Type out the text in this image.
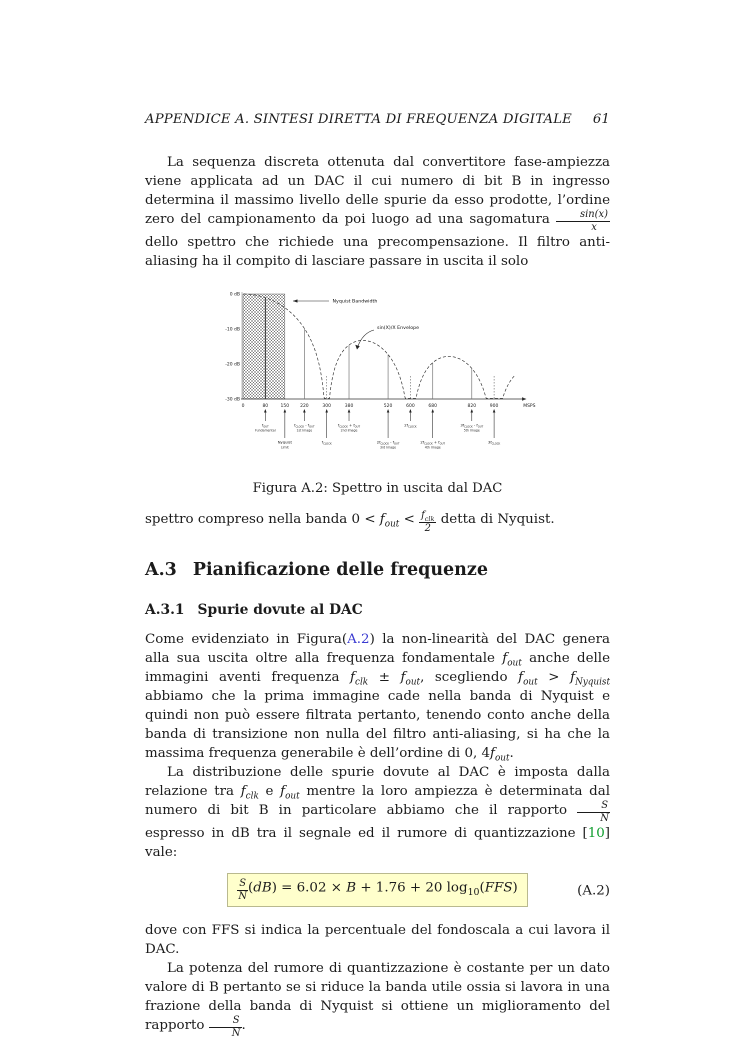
APPENDICE A. SINTESI DIRETTA DI FREQUENZA DIGITALE 61

La sequenza discreta ottenuta dal convertitore fase-ampiezza viene applicata ad un DAC il cui numero di bit B in ingresso determina il massimo livello delle spurie da esso prodotte, l’ordine zero del campionamento da poi luogo ad una sagomatura $\frac{\sin(x)}{x}$
dello spettro che richiede una precompensazione. Il filtro anti-aliasing ha il compito di lasciare passare in uscita il solo

0 dB
-10 dB
-20 dB
-30 dB
0 80 150 220 300 380	520 600 680	820 900	MSPS
Nyquist Bandwidth
sin(X)/X Envelope
$f_{OUT}$
Fundamental
Nyquist
Limit
$f_{CLOCK} - f_{OUT}$
1st Image
$f_{CLOCK}$
$f_{CLOCK} + f_{OUT}$
2nd Image
$2f_{CLOCK} - f_{OUT}$
3rd Image
$2f_{CLOCK}$
$2f_{CLOCK} + f_{OUT}$
4th Image
$3f_{CLOCK} - f_{OUT}$
5th Image
$3f_{CLOCK}$
Figura A.2: Spettro in uscita dal DAC

spettro compreso nella banda $0 < f_{out} < \frac{f_{clk}}{2}$ detta di Nyquist.

A.3 Pianificazione delle frequenze
A.3.1 Spurie dovute al DAC

Come evidenziato in Figura(A.2) la non-linearità del DAC genera alla sua uscita oltre alla frequenza fondamentale $f_{out}$ anche delle immagini aventi frequenza $f_{clk} \pm f_{out}$, scegliendo $f_{out} > f_{Nyquist}$ abbiamo che la prima immagine cade nella banda di Nyquist e quindi non può essere filtrata pertanto, tenendo conto anche della banda di transizione non nulla del filtro anti-aliasing, si ha che la massima frequenza generabile è dell’ordine di 0, $4f_{out}$.

La distribuzione delle spurie dovute al DAC è imposta dalla relazione tra $f_{clk}$ e $f_{out}$ mentre la loro ampiezza è determinata dal numero di bit B in particolare abbiamo che il rapporto $\frac{S}{N}$
espresso in dB tra il segnale ed il rumore di quantizzazione [10] vale:

$\frac{S}{N} (dB) = 6.02 \times B + 1.76 + 20$ $\log_{10}(FFS)$	(A.2)

dove con FFS si indica la percentuale del fondoscala a cui lavora il DAC.

La potenza del rumore di quantizzazione è costante per un dato valore di B pertanto se si riduce la banda utile ossia si lavora in una frazione della banda di Nyquist si ottiene un miglioramento del rapporto $\frac{S}{N}$ .
